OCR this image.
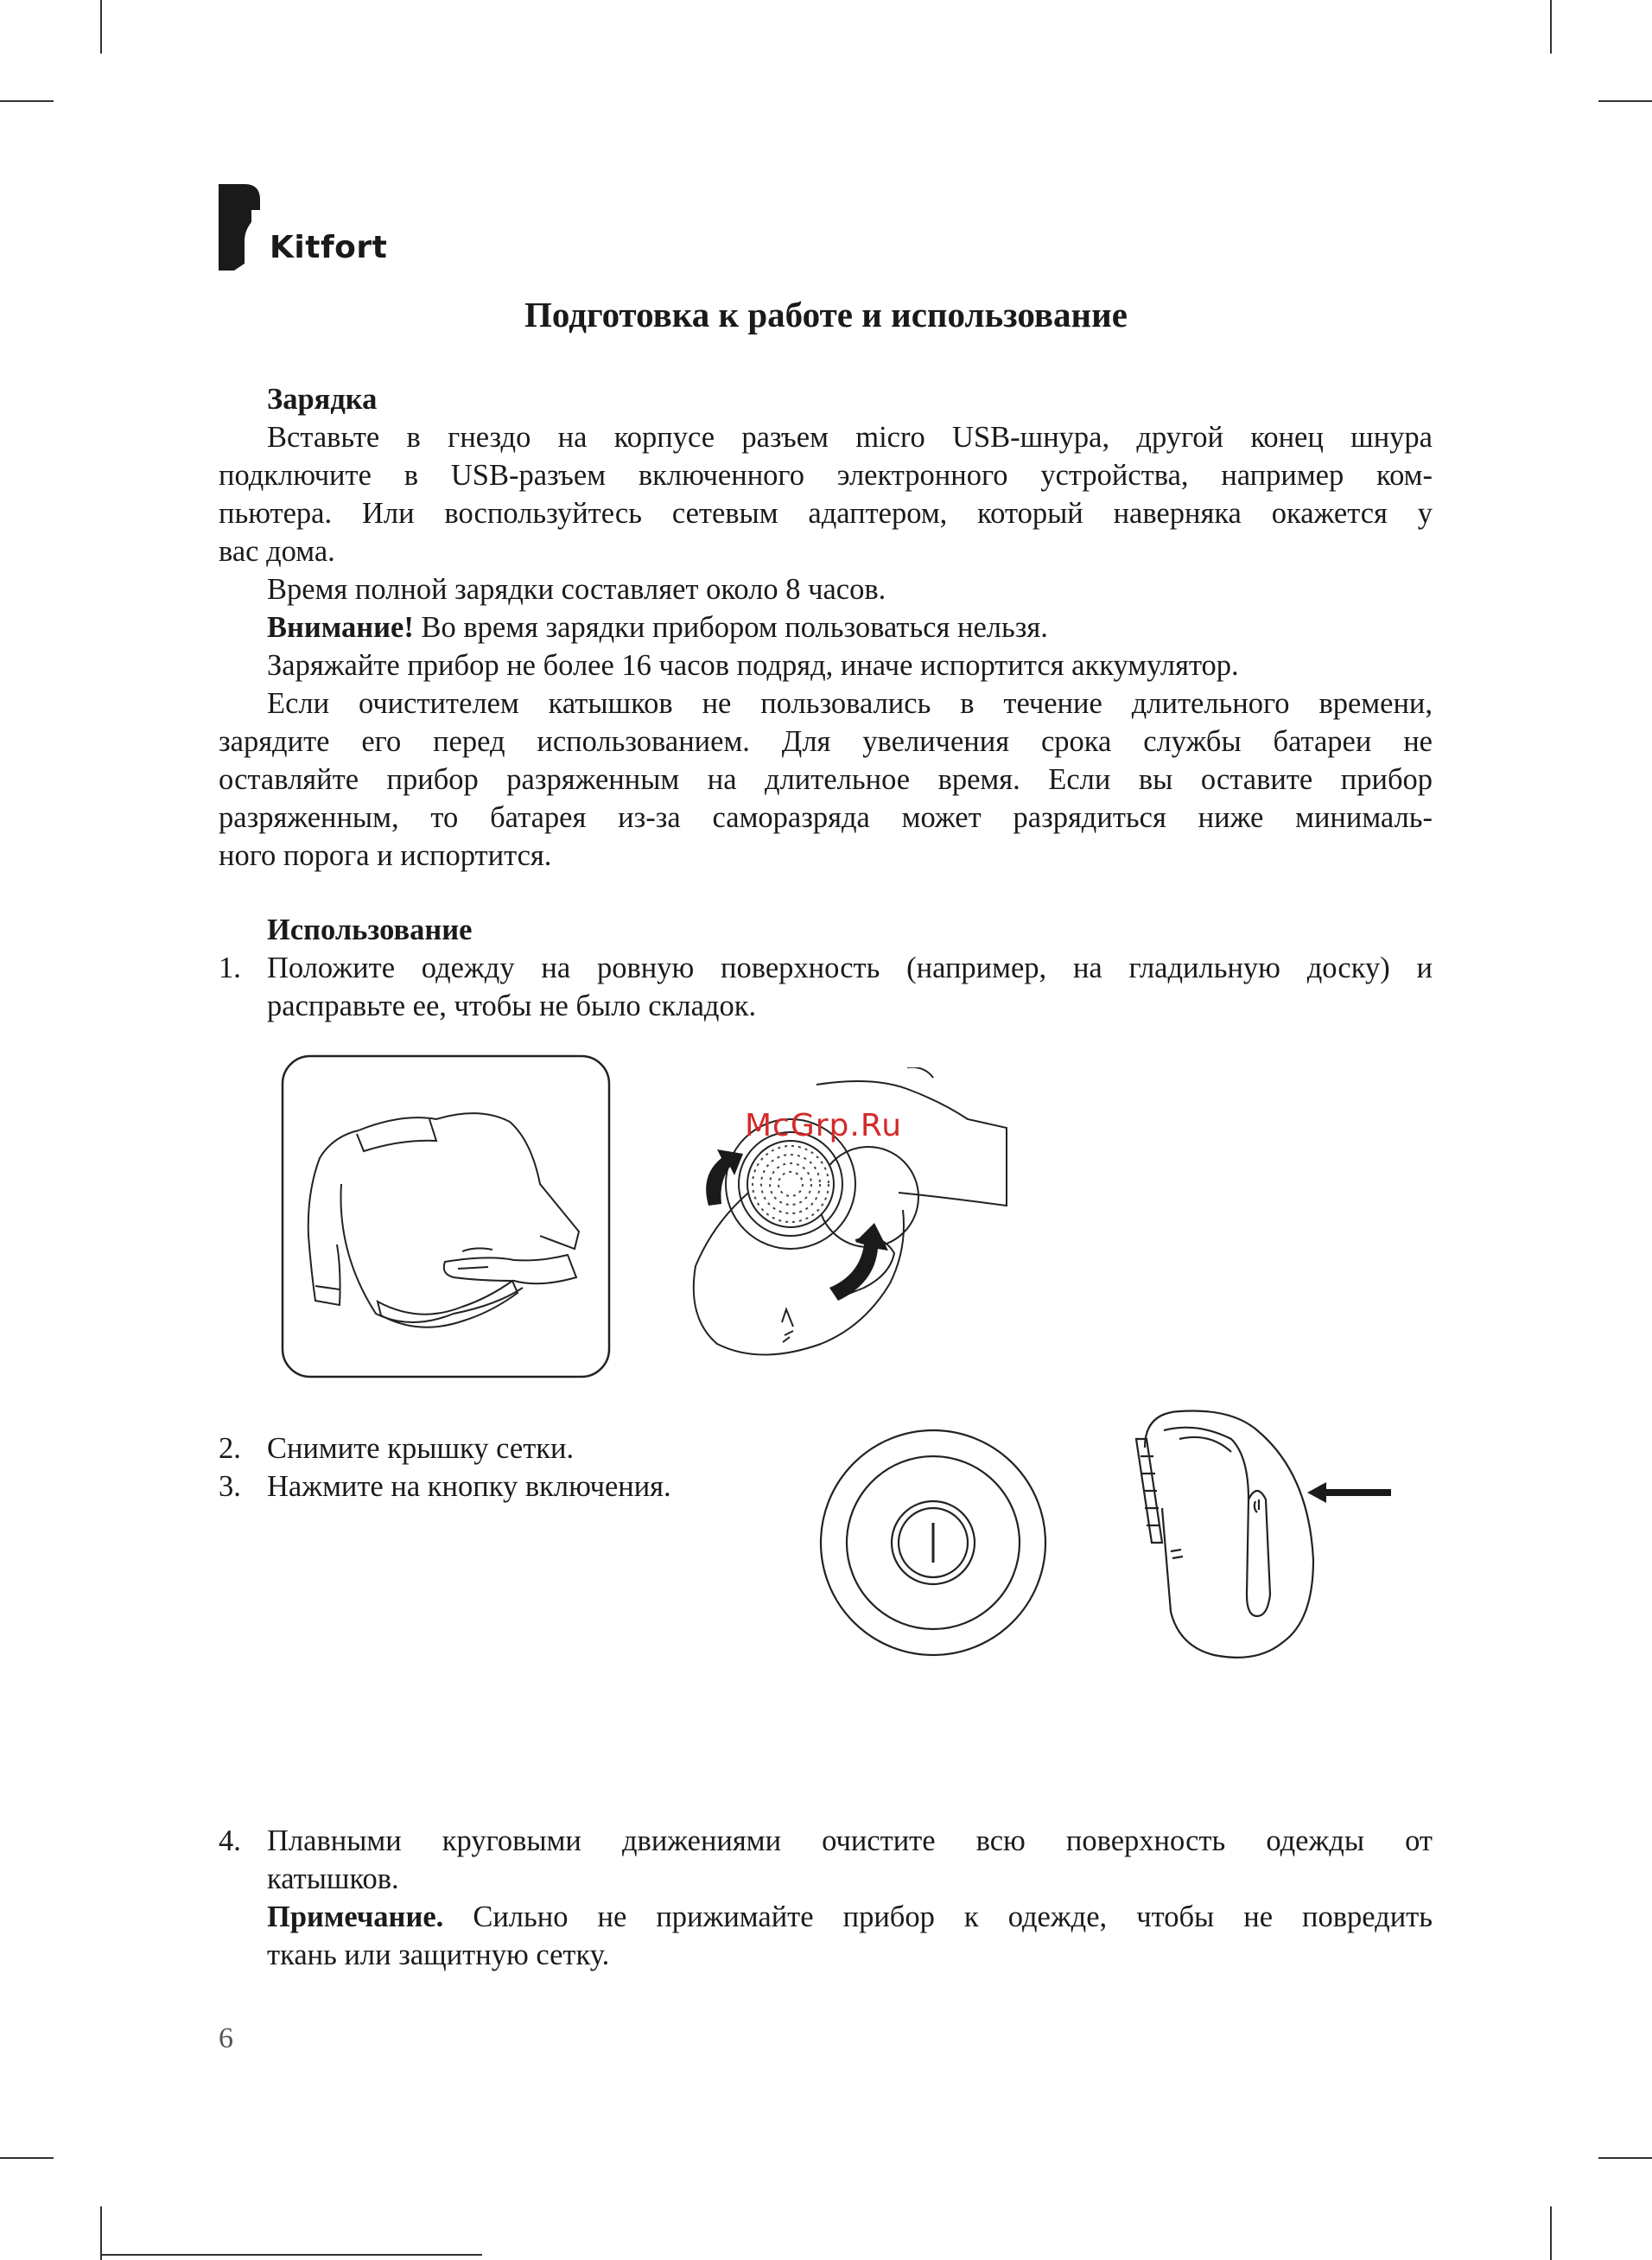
Kitfort
Подготовка к работе и использование

Зарядка

Вставьте в гнездо на корпусе разъем micro USB-шнура, другой конец шнура

подключите в USB-разъем включенного электронного устройства, например ком-

пьютера. Или воспользуйтесь сетевым адаптером, который наверняка окажется у

вас дома.

Время полной зарядки составляет около 8 часов.

Внимание! Во время зарядки прибором пользоваться нельзя.

Заряжайте прибор не более 16 часов подряд, иначе испортится аккумулятор.

Если очистителем катышков не пользовались в течение длительного времени,

зарядите его перед использованием. Для увеличения срока службы батареи не

оставляйте прибор разряженным на длительное время. Если вы оставите прибор

разряженным, то батарея из-за саморазряда может разрядиться ниже минималь-

ного порога и испортится.

Использование

1. Положите одежду на ровную поверхность (например, на гладильную доску) и

расправьте ее, чтобы не было складок.

McGrp.Ru
2. Снимите крышку сетки.
3. Нажмите на кнопку включения.
4. Плавными круговыми движениями очистите всю поверхность одежды от

катышков.

Примечание. Сильно не прижимайте прибор к одежде, чтобы не повредить

ткань или защитную сетку.

6
